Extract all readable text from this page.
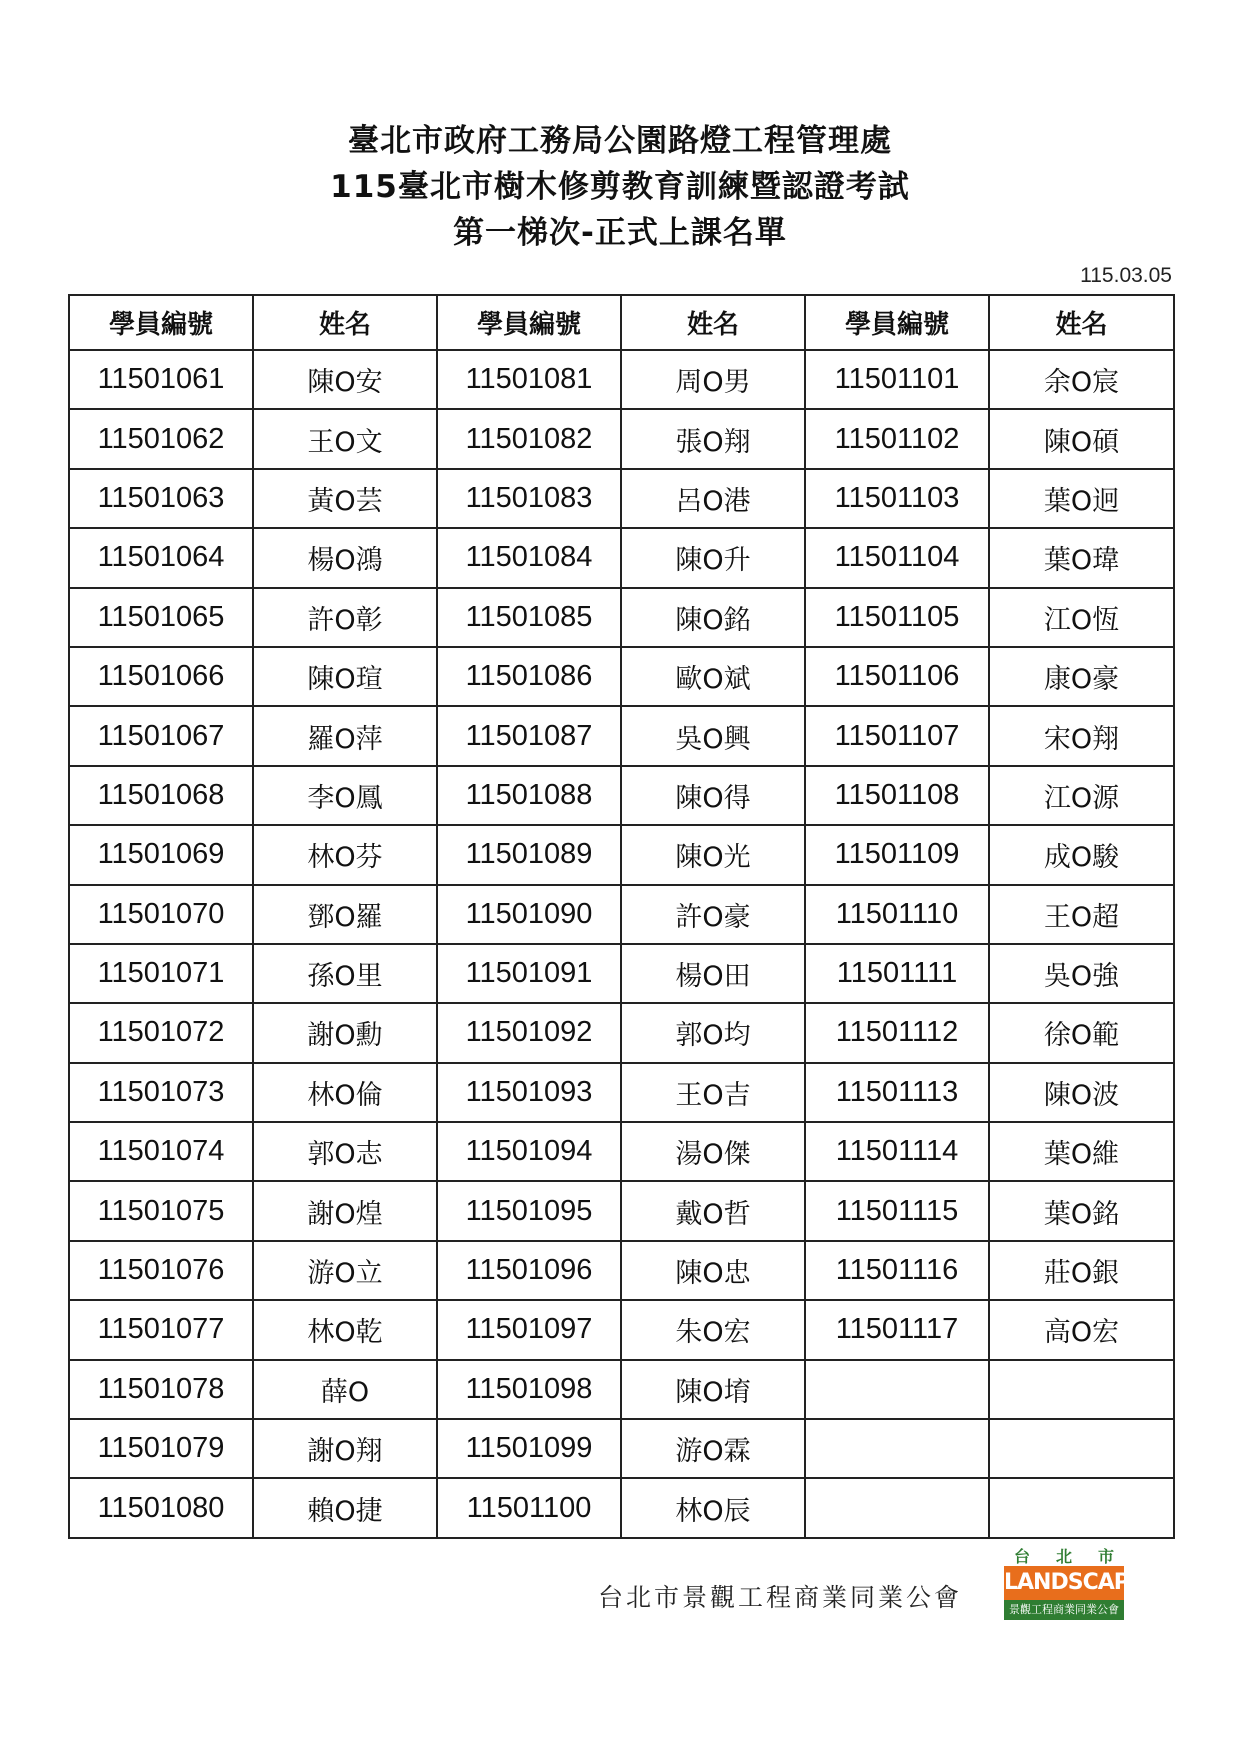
臺北市政府工務局公園路燈工程管理處
115臺北市樹木修剪教育訓練暨認證考試
第一梯次-正式上課名單
115.03.05
學員編號	姓名	學員編號	姓名	學員編號	姓名
11501061	陳O安	11501081	周O男	11501101	余O宸
11501062	王O文	11501082	張O翔	11501102	陳O碩
11501063	黃O芸	11501083	呂O港	11501103	葉O迥
11501064	楊O鴻	11501084	陳O升	11501104	葉O瑋
11501065	許O彰	11501085	陳O銘	11501105	江O恆
11501066	陳O瑄	11501086	歐O斌	11501106	康O豪
11501067	羅O萍	11501087	吳O興	11501107	宋O翔
11501068	李O鳳	11501088	陳O得	11501108	江O源
11501069	林O芬	11501089	陳O光	11501109	成O駿
11501070	鄧O羅	11501090	許O豪	11501110	王O超
11501071	孫O里	11501091	楊O田	11501111	吳O強
11501072	謝O勳	11501092	郭O均	11501112	徐O範
11501073	林O倫	11501093	王O吉	11501113	陳O波
11501074	郭O志	11501094	湯O傑	11501114	葉O維
11501075	謝O煌	11501095	戴O哲	11501115	葉O銘
11501076	游O立	11501096	陳O忠	11501116	莊O銀
11501077	林O乾	11501097	朱O宏	11501117	高O宏
11501078	薛O	11501098	陳O堉		
11501079	謝O翔	11501099	游O霖		
11501080	賴O捷	11501100	林O辰		
台北市景觀工程商業同業公會
台 北 市
LANDSCAPE
景觀工程商業同業公會
